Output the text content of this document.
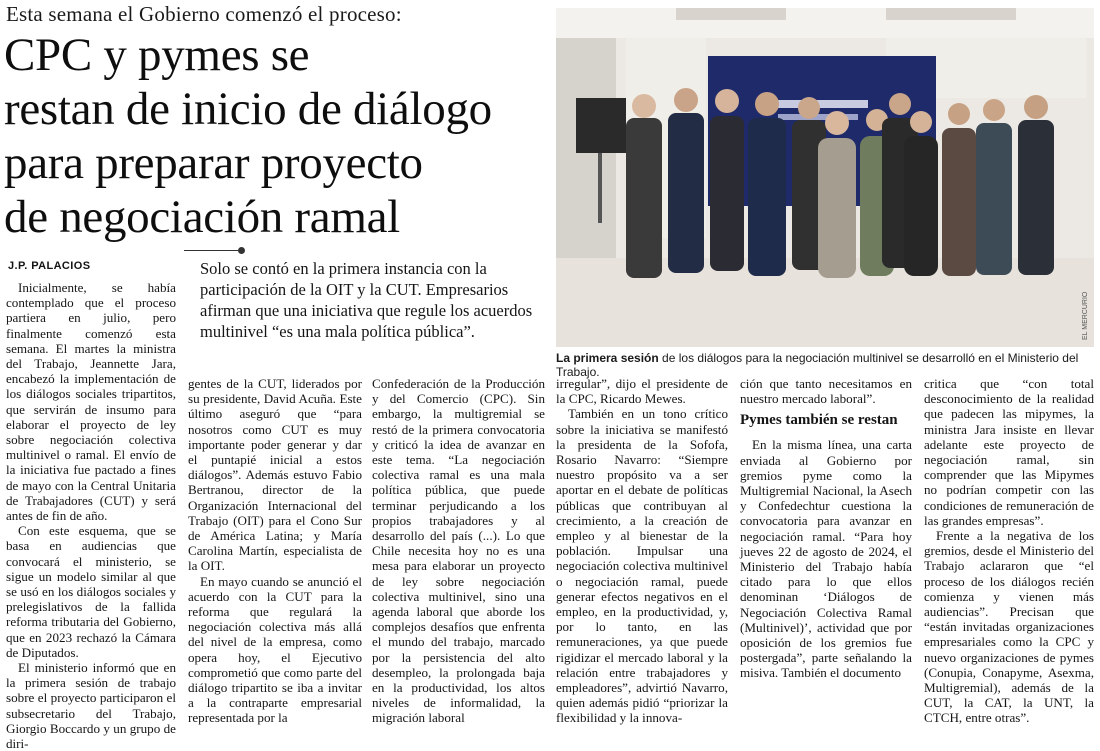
Esta semana el Gobierno comenzó el proceso:
CPC y pymes se
restan de inicio de diálogo
para preparar proyecto
de negociación ramal
J.P. PALACIOS	Solo se contó en la primera instancia con la participación de la OIT y la CUT. Empresarios afirman que una iniciativa que regule los acuerdos multinivel “es una mala política pública”.

Inicialmente, se había contemplado que el proceso partiera en julio, pero finalmente comenzó esta semana. El martes la ministra del Trabajo, Jeannette Jara, encabezó la implementación de los diálogos sociales tripartitos, que servirán de insumo para elaborar el proyecto de ley sobre negociación colectiva multinivel o ramal. El envío de la iniciativa fue pactado a fines de mayo con la Central Unitaria de Trabajadores (CUT) y será antes de fin de año.

Con este esquema, que se basa en audiencias que convocará el ministerio, se sigue un modelo similar al que se usó en los diálogos sociales y prelegislativos de la fallida reforma tributaria del Gobierno, que en 2023 rechazó la Cámara de Diputados.

El ministerio informó que en la primera sesión de trabajo sobre el proyecto participaron el subsecretario del Trabajo, Giorgio Boccardo y un grupo de diri-

gentes de la CUT, liderados por su presidente, David Acuña. Este último aseguró que “para nosotros como CUT es muy importante poder generar y dar el puntapié inicial a estos diálogos”. Además estuvo Fabio Bertranou, director de la Organización Internacional del Trabajo (OIT) para el Cono Sur de América Latina; y María Carolina Martín, especialista de la OIT.

En mayo cuando se anunció el acuerdo con la CUT para la reforma que regulará la negociación colectiva más allá del nivel de la empresa, como opera hoy, el Ejecutivo comprometió que como parte del diálogo tripartito se iba a invitar a la contraparte empresarial representada por la

Confederación de la Producción y del Comercio (CPC). Sin embargo, la multigremial se restó de la primera convocatoria y criticó la idea de avanzar en este tema. “La negociación colectiva ramal es una mala política pública, que puede terminar perjudicando a los propios trabajadores y al desarrollo del país (...). Lo que Chile necesita hoy no es una mesa para elaborar un proyecto de ley sobre negociación colectiva multinivel, sino una agenda laboral que aborde los complejos desafíos que enfrenta el mundo del trabajo, marcado por la persistencia del alto desempleo, la prolongada baja en la productividad, los altos niveles de informalidad, la migración laboral

irregular”, dijo el presidente de la CPC, Ricardo Mewes.

También en un tono crítico sobre la iniciativa se manifestó la presidenta de la Sofofa, Rosario Navarro: “Siempre nuestro propósito va a ser aportar en el debate de políticas públicas que contribuyan al crecimiento, a la creación de empleo y al bienestar de la población. Impulsar una negociación colectiva multinivel o negociación ramal, puede generar efectos negativos en el empleo, en la productividad, y, por lo tanto, en las remuneraciones, ya que puede rigidizar el mercado laboral y la relación entre trabajadores y empleadores”, advirtió Navarro, quien además pidió “priorizar la flexibilidad y la innova-

ción que tanto necesitamos en nuestro mercado laboral”.

Pymes también se restan

En la misma línea, una carta enviada al Gobierno por gremios pyme como la Multigremial Nacional, la Asech y Confedechtur cuestiona la convocatoria para avanzar en negociación ramal. “Para hoy jueves 22 de agosto de 2024, el Ministerio del Trabajo había citado para lo que ellos denominan ‘Diálogos de Negociación Colectiva Ramal (Multinivel)’, actividad que por oposición de los gremios fue postergada”, parte señalando la misiva. También el documento

critica que “con total desconocimiento de la realidad que padecen las mipymes, la ministra Jara insiste en llevar adelante este proyecto de negociación ramal, sin comprender que las Mipymes no podrían competir con las condiciones de remuneración de las grandes empresas”.

Frente a la negativa de los gremios, desde el Ministerio del Trabajo aclararon que “el proceso de los diálogos recién comienza y vienen más audiencias”. Precisan que “están invitadas organizaciones empresariales como la CPC y nuevo organizaciones de pymes (Conupia, Conapyme, Asexma, Multigremial), además de la CUT, la CAT, la UNT, la CTCH, entre otras”.

EL MERCURIO
La primera sesión de los diálogos para la negociación multinivel se desarrolló en el Ministerio del Trabajo.
